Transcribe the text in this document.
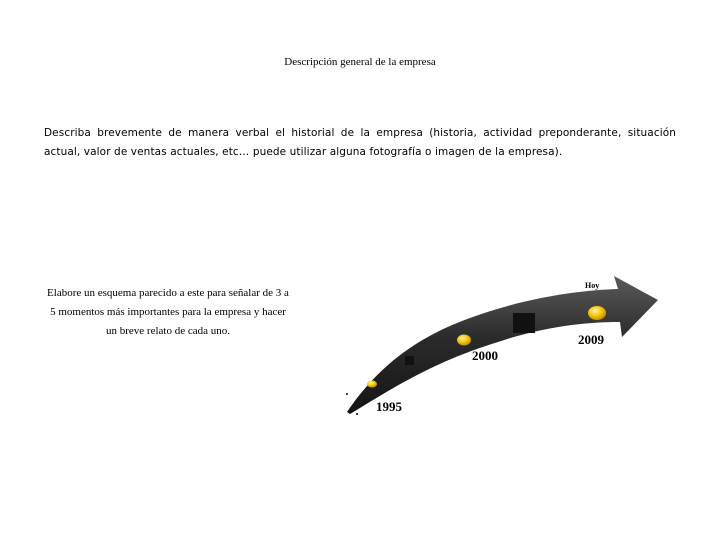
Descripción general de la empresa
Describa brevemente de manera verbal el historial de la empresa (historia, actividad preponderante, situación actual, valor de ventas actuales, etc… puede utilizar alguna fotografía o imagen de la empresa).
Elabore un esquema parecido a este para señalar de 3 a 5 momentos más importantes para la empresa y hacer un breve relato de cada uno.
1995
2000
2009
Hoy
